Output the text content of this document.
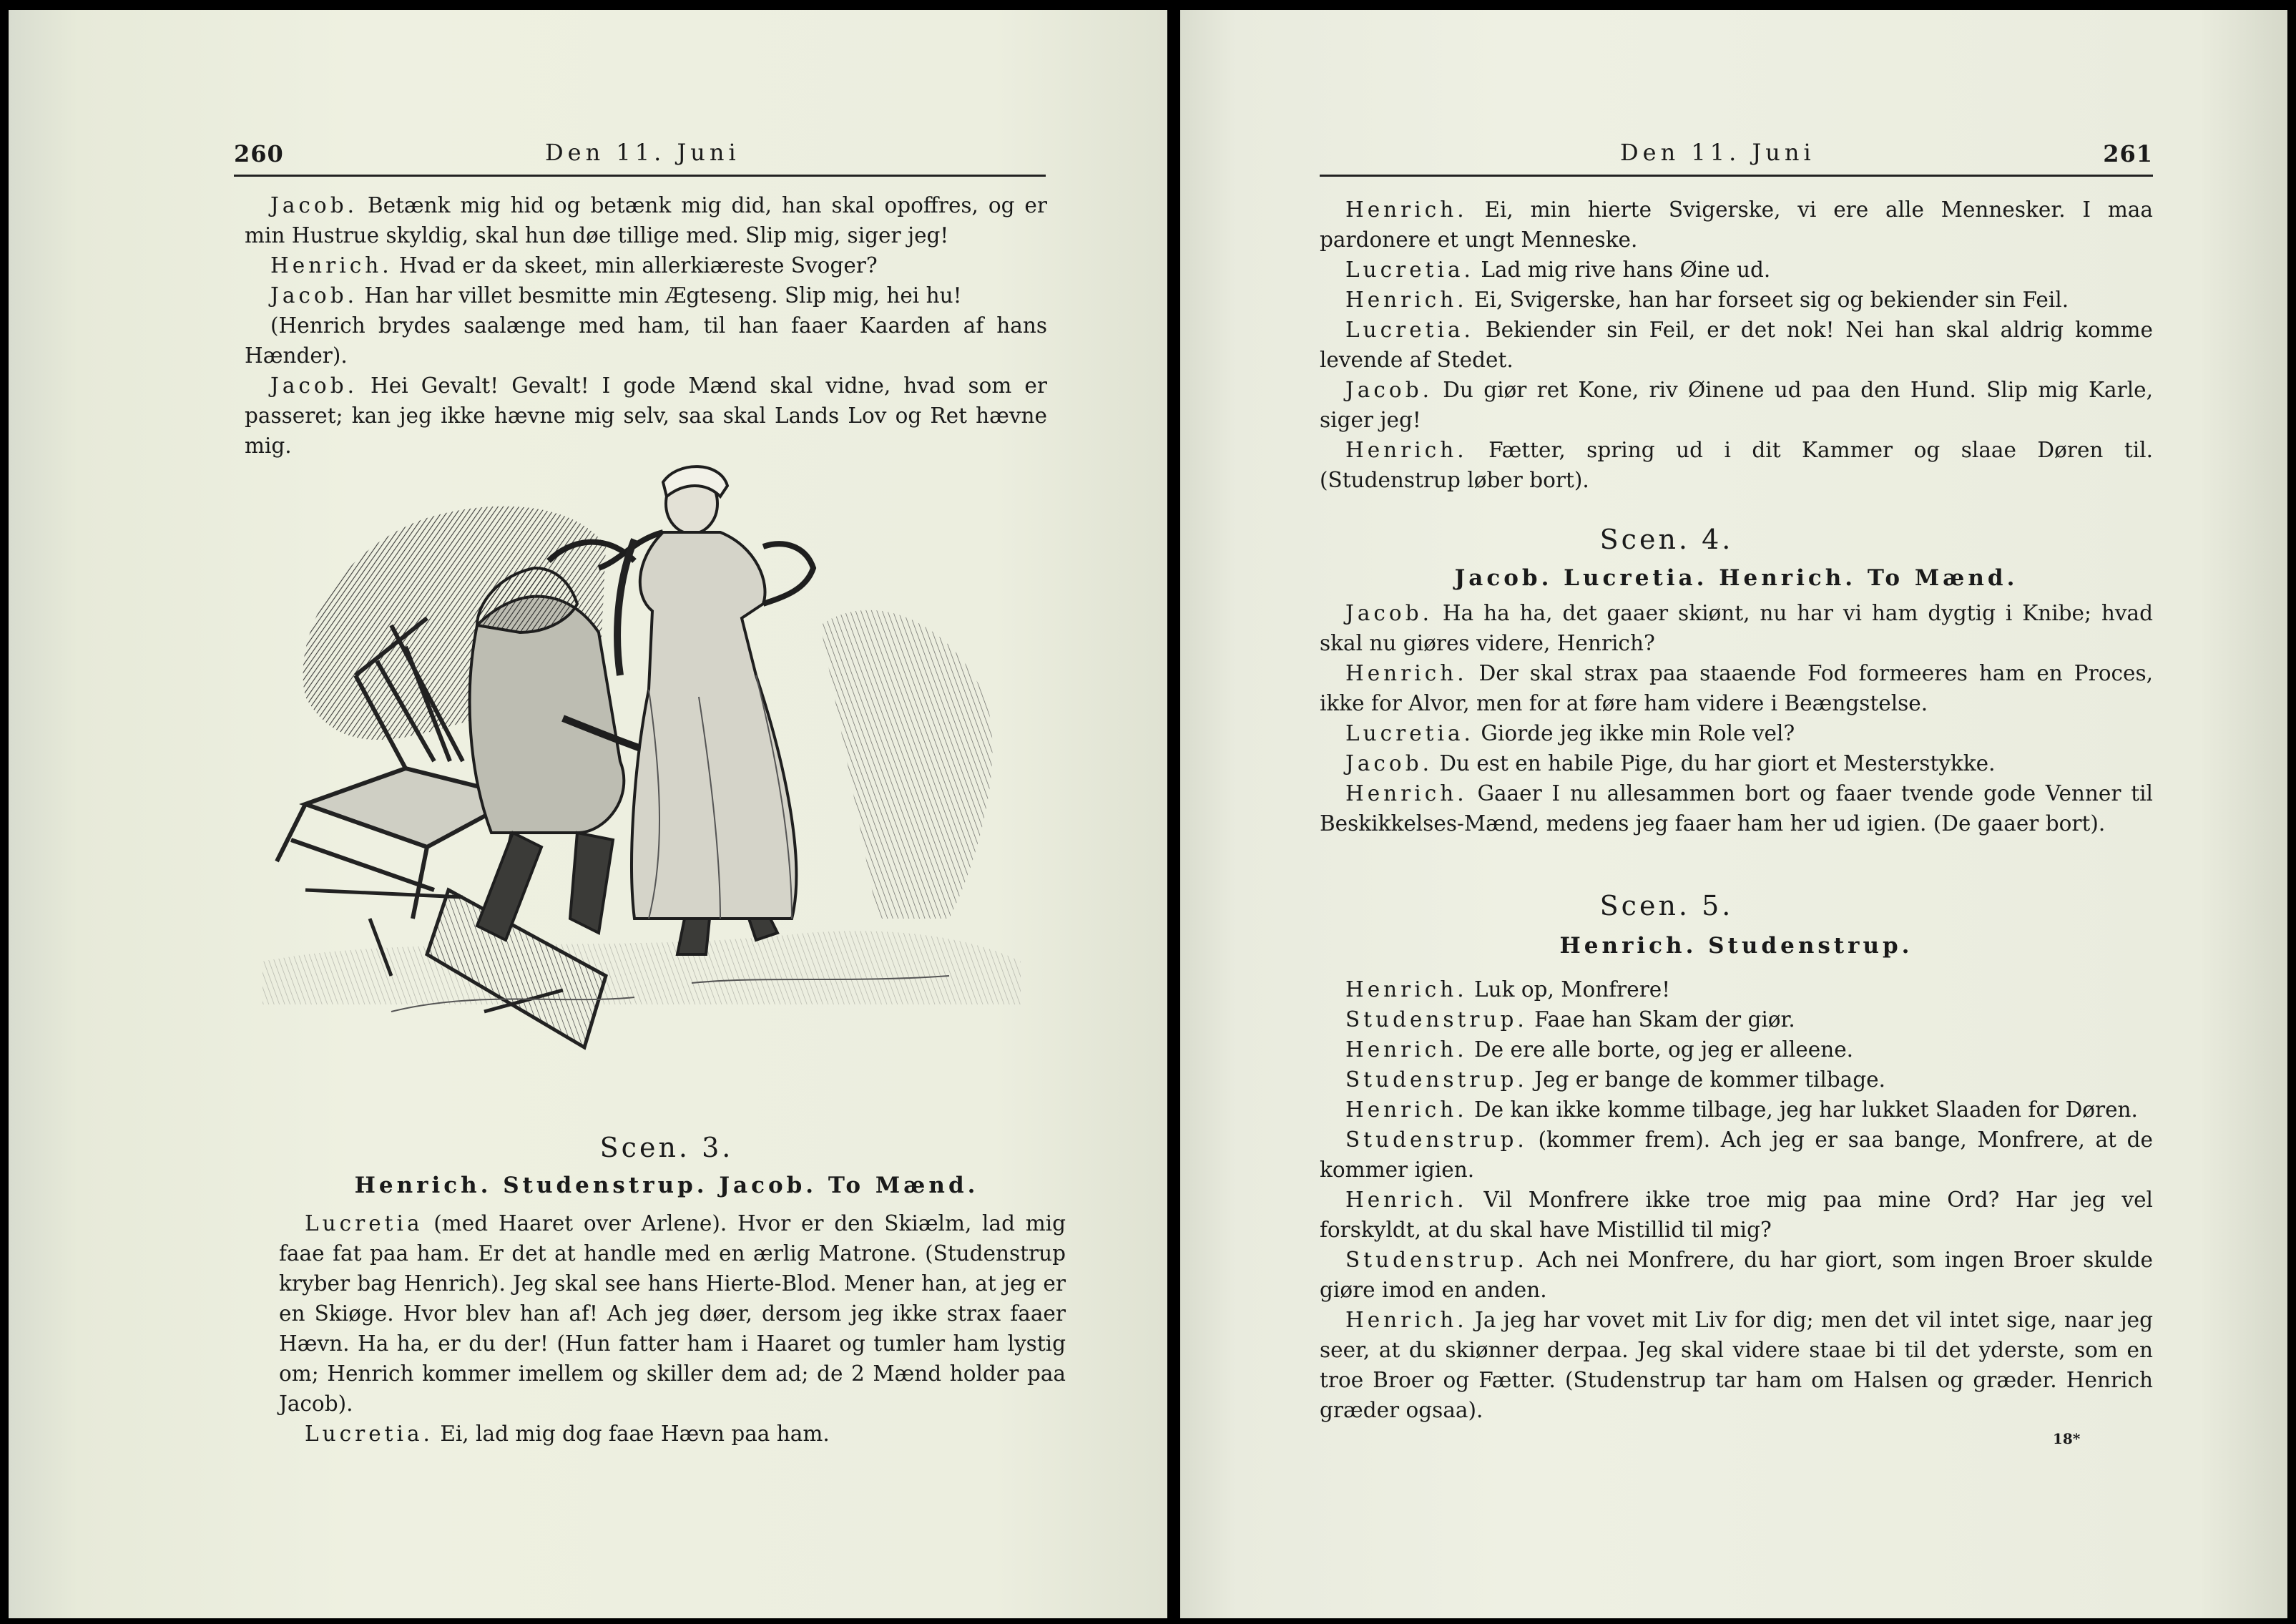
260	Den 11. Juni

Jacob. Betænk mig hid og betænk mig did, han skal opoffres, og er min Hustrue skyldig, skal hun døe tillige med. Slip mig, siger jeg!

Henrich. Hvad er da skeet, min allerkiæreste Svoger?

Jacob. Han har villet besmitte min Ægteseng. Slip mig, hei hu!

(Henrich brydes saalænge med ham, til han faaer Kaarden af hans Hænder).

Jacob. Hei Gevalt! Gevalt! I gode Mænd skal vidne, hvad som er passeret; kan jeg ikke hævne mig selv, saa skal Lands Lov og Ret hævne mig.

Scen. 3.
Henrich. Studenstrup. Jacob. To Mænd.

Lucretia (med Haaret over Arlene). Hvor er den Skiælm, lad mig faae fat paa ham. Er det at handle med en ærlig Matrone. (Studenstrup kryber bag Henrich). Jeg skal see hans Hierte-Blod. Mener han, at jeg er en Skiøge. Hvor blev han af! Ach jeg døer, dersom jeg ikke strax faaer Hævn. Ha ha, er du der! (Hun fatter ham i Haaret og tumler ham lystig om; Henrich kommer imellem og skiller dem ad; de 2 Mænd holder paa Jacob).

Lucretia. Ei, lad mig dog faae Hævn paa ham.

Den 11. Juni	261

Henrich. Ei, min hierte Svigerske, vi ere alle Mennesker. I maa pardonere et ungt Menneske.

Lucretia. Lad mig rive hans Øine ud.

Henrich. Ei, Svigerske, han har forseet sig og bekiender sin Feil.

Lucretia. Bekiender sin Feil, er det nok! Nei han skal aldrig komme levende af Stedet.

Jacob. Du giør ret Kone, riv Øinene ud paa den Hund. Slip mig Karle, siger jeg!

Henrich. Fætter, spring ud i dit Kammer og slaae Døren til. (Studenstrup løber bort).

Scen. 4.
Jacob. Lucretia. Henrich. To Mænd.

Jacob. Ha ha ha, det gaaer skiønt, nu har vi ham dygtig i Knibe; hvad skal nu giøres videre, Henrich?

Henrich. Der skal strax paa staaende Fod formeeres ham en Proces, ikke for Alvor, men for at føre ham videre i Beængstelse.

Lucretia. Giorde jeg ikke min Role vel?

Jacob. Du est en habile Pige, du har giort et Mesterstykke.

Henrich. Gaaer I nu allesammen bort og faaer tvende gode Venner til Beskikkelses-Mænd, medens jeg faaer ham her ud igien. (De gaaer bort).

Scen. 5.
Henrich. Studenstrup.

Henrich. Luk op, Monfrere!

Studenstrup. Faae han Skam der giør.

Henrich. De ere alle borte, og jeg er alleene.

Studenstrup. Jeg er bange de kommer tilbage.

Henrich. De kan ikke komme tilbage, jeg har lukket Slaaden for Døren.

Studenstrup. (kommer frem). Ach jeg er saa bange, Monfrere, at de kommer igien.

Henrich. Vil Monfrere ikke troe mig paa mine Ord? Har jeg vel forskyldt, at du skal have Mistillid til mig?

Studenstrup. Ach nei Monfrere, du har giort, som ingen Broer skulde giøre imod en anden.

Henrich. Ja jeg har vovet mit Liv for dig; men det vil intet sige, naar jeg seer, at du skiønner derpaa. Jeg skal videre staae bi til det yderste, som en troe Broer og Fætter. (Studenstrup tar ham om Halsen og græder. Henrich græder ogsaa).

18*
